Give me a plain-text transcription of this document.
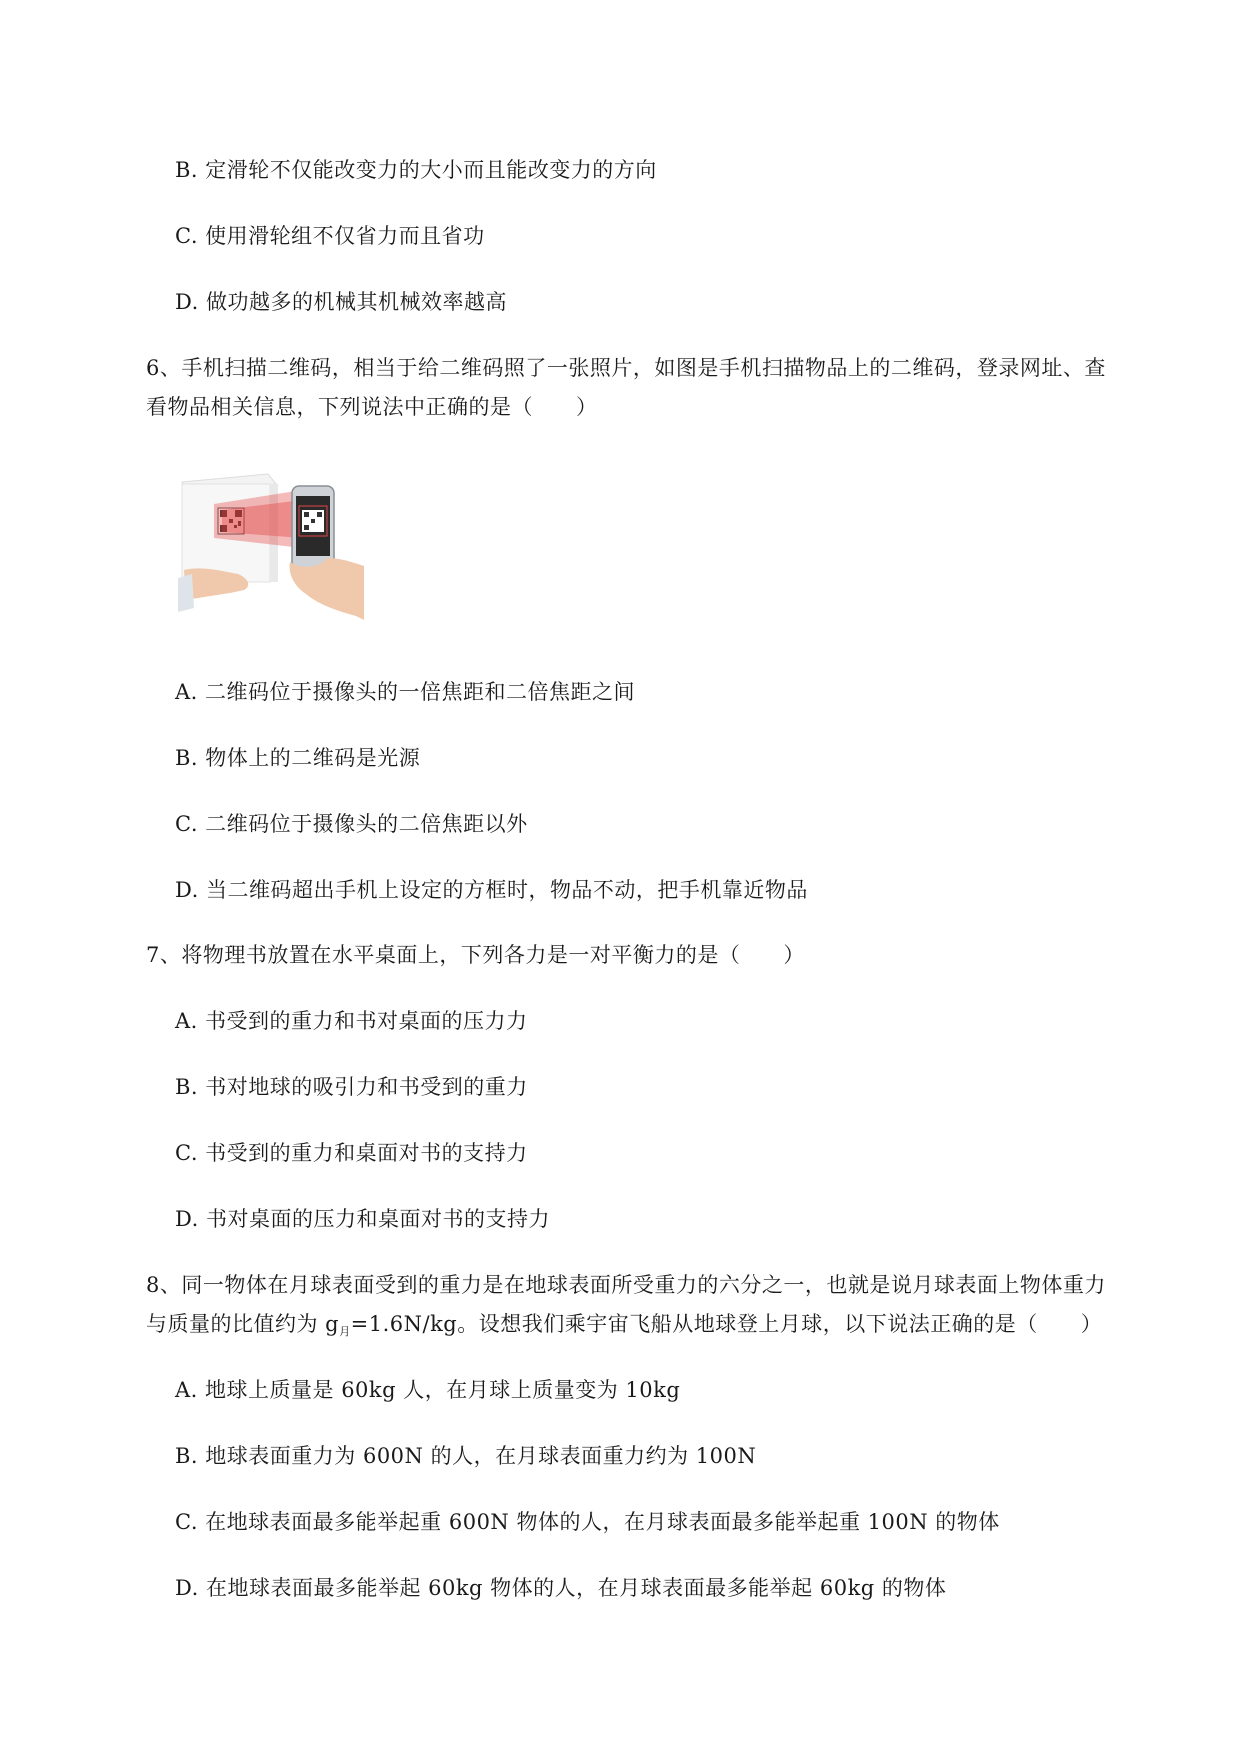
B. 定滑轮不仅能改变力的大小而且能改变力的方向
C. 使用滑轮组不仅省力而且省功
D. 做功越多的机械其机械效率越高
6、手机扫描二维码，相当于给二维码照了一张照片，如图是手机扫描物品上的二维码，登录网址、查
看物品相关信息，下列说法中正确的是（　　）
A. 二维码位于摄像头的一倍焦距和二倍焦距之间
B. 物体上的二维码是光源
C. 二维码位于摄像头的二倍焦距以外
D. 当二维码超出手机上设定的方框时，物品不动，把手机靠近物品
7、将物理书放置在水平桌面上，下列各力是一对平衡力的是（　　）
A. 书受到的重力和书对桌面的压力力
B. 书对地球的吸引力和书受到的重力
C. 书受到的重力和桌面对书的支持力
D. 书对桌面的压力和桌面对书的支持力
8、同一物体在月球表面受到的重力是在地球表面所受重力的六分之一，也就是说月球表面上物体重力
与质量的比值约为 $g_月=1.6N/kg$。设想我们乘宇宙飞船从地球登上月球，以下说法正确的是（　　）
A. 地球上质量是 60kg 人，在月球上质量变为 10kg
B. 地球表面重力为 600N 的人，在月球表面重力约为 100N
C. 在地球表面最多能举起重 600N 物体的人，在月球表面最多能举起重 100N 的物体
D. 在地球表面最多能举起 60kg 物体的人，在月球表面最多能举起 60kg 的物体
